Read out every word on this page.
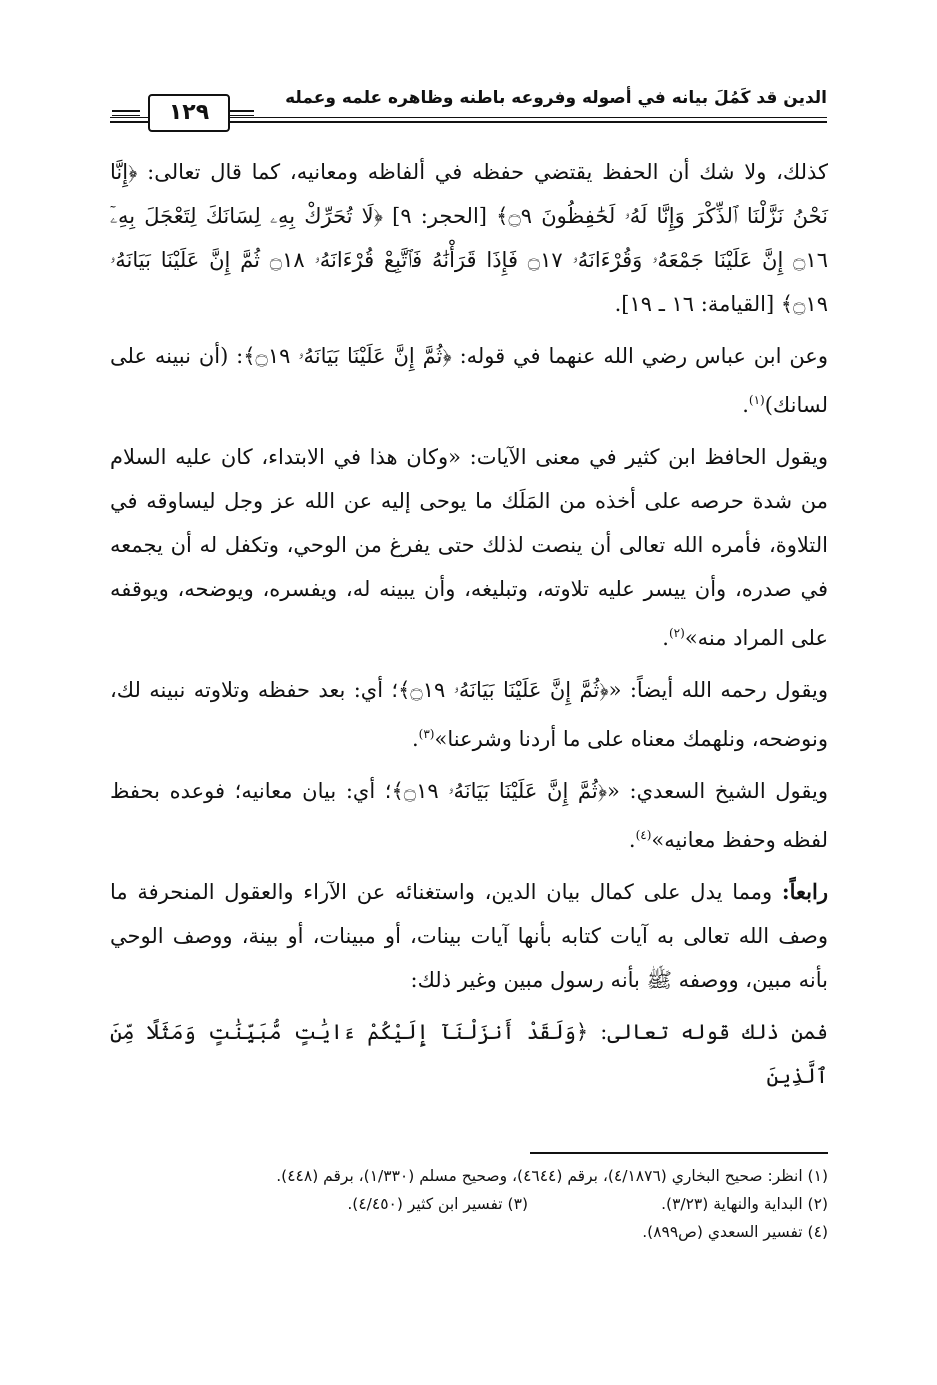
الدين قد كَمُلَ بيانه في أصوله وفروعه باطنه وظاهره علمه وعمله
١٢٩

كذلك، ولا شك أن الحفظ يقتضي حفظه في ألفاظه ومعانيه، كما قال تعالى: ﴿إِنَّا نَحْنُ نَزَّلْنَا ٱلذِّكْرَ وَإِنَّا لَهُۥ لَحَٰفِظُونَ ۝٩﴾ [الحجر: ٩] ﴿لَا تُحَرِّكْ بِهِۦ لِسَانَكَ لِتَعْجَلَ بِهِۦٓ ۝١٦ إِنَّ عَلَيْنَا جَمْعَهُۥ وَقُرْءَانَهُۥ ۝١٧ فَإِذَا قَرَأْنَٰهُ فَٱتَّبِعْ قُرْءَانَهُۥ ۝١٨ ثُمَّ إِنَّ عَلَيْنَا بَيَانَهُۥ ۝١٩﴾ [القيامة: ١٦ ـ ١٩].

وعن ابن عباس رضي الله عنهما في قوله: ﴿ثُمَّ إِنَّ عَلَيْنَا بَيَانَهُۥ ۝١٩﴾: (أن نبينه على لسانك)$^{(١)}$.

ويقول الحافظ ابن كثير في معنى الآيات: «وكان هذا في الابتداء، كان عليه السلام من شدة حرصه على أخذه من المَلَك ما يوحى إليه عن الله عز وجل ليساوقه في التلاوة، فأمره الله تعالى أن ينصت لذلك حتى يفرغ من الوحي، وتكفل له أن يجمعه في صدره، وأن ييسر عليه تلاوته، وتبليغه، وأن يبينه له، ويفسره، ويوضحه، ويوقفه على المراد منه»$^{(٢)}$.

ويقول رحمه الله أيضاً: «﴿ثُمَّ إِنَّ عَلَيْنَا بَيَانَهُۥ ۝١٩﴾؛ أي: بعد حفظه وتلاوته نبينه لك، ونوضحه، ونلهمك معناه على ما أردنا وشرعنا»$^{(٣)}$.

ويقول الشيخ السعدي: «﴿ثُمَّ إِنَّ عَلَيْنَا بَيَانَهُۥ ۝١٩﴾؛ أي: بيان معانيه؛ فوعده بحفظ لفظه وحفظ معانيه»$^{(٤)}$.

رابعاً: ومما يدل على كمال بيان الدين، واستغنائه عن الآراء والعقول المنحرفة ما وصف الله تعالى به آيات كتابه بأنها آيات بينات، أو مبينات، أو بينة، ووصف الوحي بأنه مبين، ووصفه ﷺ بأنه رسول مبين وغير ذلك:

فمن ذلك قوله تعالى: ﴿وَلَقَدْ أَنزَلْنَآ إِلَيْكُمْ ءَايَٰتٍ مُّبَيِّنَٰتٍ وَمَثَلًا مِّنَ ٱلَّذِينَ

(١) انظر: صحيح البخاري (٤/١٨٧٦)، برقم (٤٦٤٤)، وصحيح مسلم (١/٣٣٠)، برقم (٤٤٨).
(٢) البداية والنهاية (٣/٢٣).
(٣) تفسير ابن كثير (٤/٤٥٠).
(٤) تفسير السعدي (ص٨٩٩).
